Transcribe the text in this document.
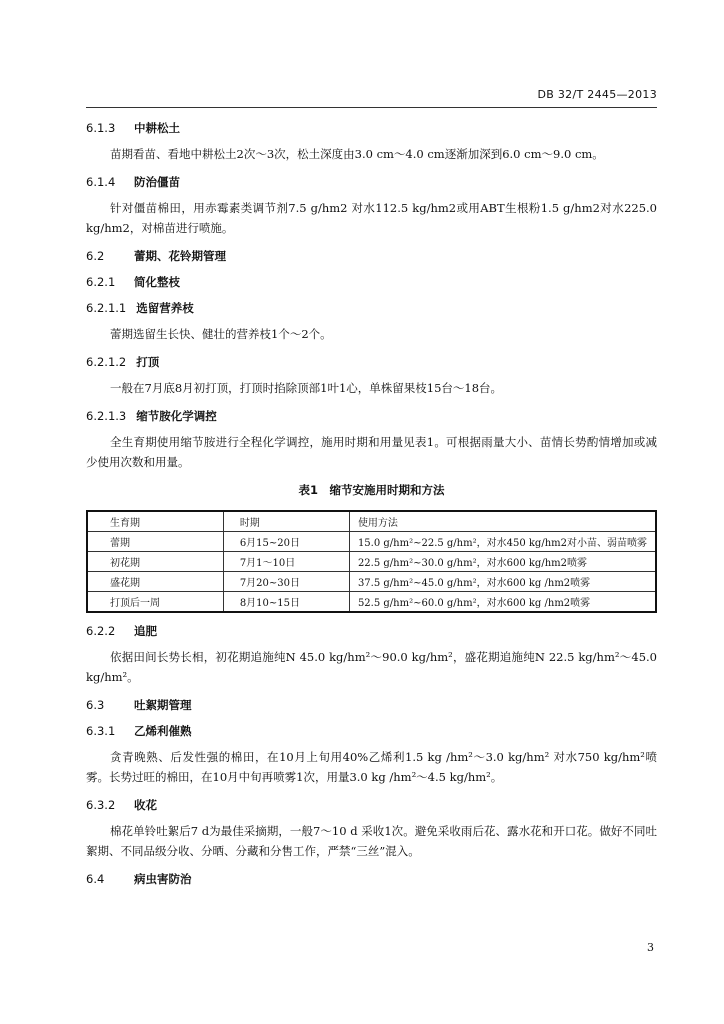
DB 32/T 2445—2013
6.1.3 中耕松土

苗期看苗、看地中耕松土2次～3次，松土深度由3.0 cm～4.0 cm逐渐加深到6.0 cm～9.0 cm。

6.1.4 防治僵苗

针对僵苗棉田，用赤霉素类调节剂7.5 g/hm2 对水112.5 kg/hm2或用ABT生根粉1.5 g/hm2对水225.0 kg/hm2，对棉苗进行喷施。

6.2	蕾期、花铃期管理
6.2.1 简化整枝
6.2.1.1 选留营养枝

蕾期选留生长快、健壮的营养枝1个～2个。

6.2.1.2 打顶

一般在7月底8月初打顶，打顶时掐除顶部1叶1心，单株留果枝15台～18台。

6.2.1.3 缩节胺化学调控

全生育期使用缩节胺进行全程化学调控，施用时期和用量见表1。可根据雨量大小、苗情长势酌情增加或减少使用次数和用量。

表1　缩节安施用时期和方法
生育期	时期	使用方法
蕾期	6月15~20日	15.0 g/hm²~22.5 g/hm²，对水450 kg/hm2对小苗、弱苗喷雾
初花期	7月1～10日	22.5 g/hm²~30.0 g/hm²，对水600 kg/hm2喷雾
盛花期	7月20~30日	37.5 g/hm²~45.0 g/hm²，对水600 kg /hm2喷雾
打顶后一周	8月10~15日	52.5 g/hm²~60.0 g/hm²，对水600 kg /hm2喷雾
6.2.2 追肥

依据田间长势长相，初花期追施纯N 45.0 kg/hm²～90.0 kg/hm²，盛花期追施纯N 22.5 kg/hm²～45.0 kg/hm²。

6.3	吐絮期管理
6.3.1 乙烯利催熟

贪青晚熟、后发性强的棉田，在10月上旬用40%乙烯利1.5 kg /hm²～3.0 kg/hm² 对水750 kg/hm²喷雾。长势过旺的棉田，在10月中旬再喷雾1次，用量3.0 kg /hm²～4.5 kg/hm²。

6.3.2 收花

棉花单铃吐絮后7 d为最佳采摘期，一般7～10 d 采收1次。避免采收雨后花、露水花和开口花。做好不同吐絮期、不同品级分收、分晒、分藏和分售工作，严禁“三丝”混入。

6.4	病虫害防治
3
